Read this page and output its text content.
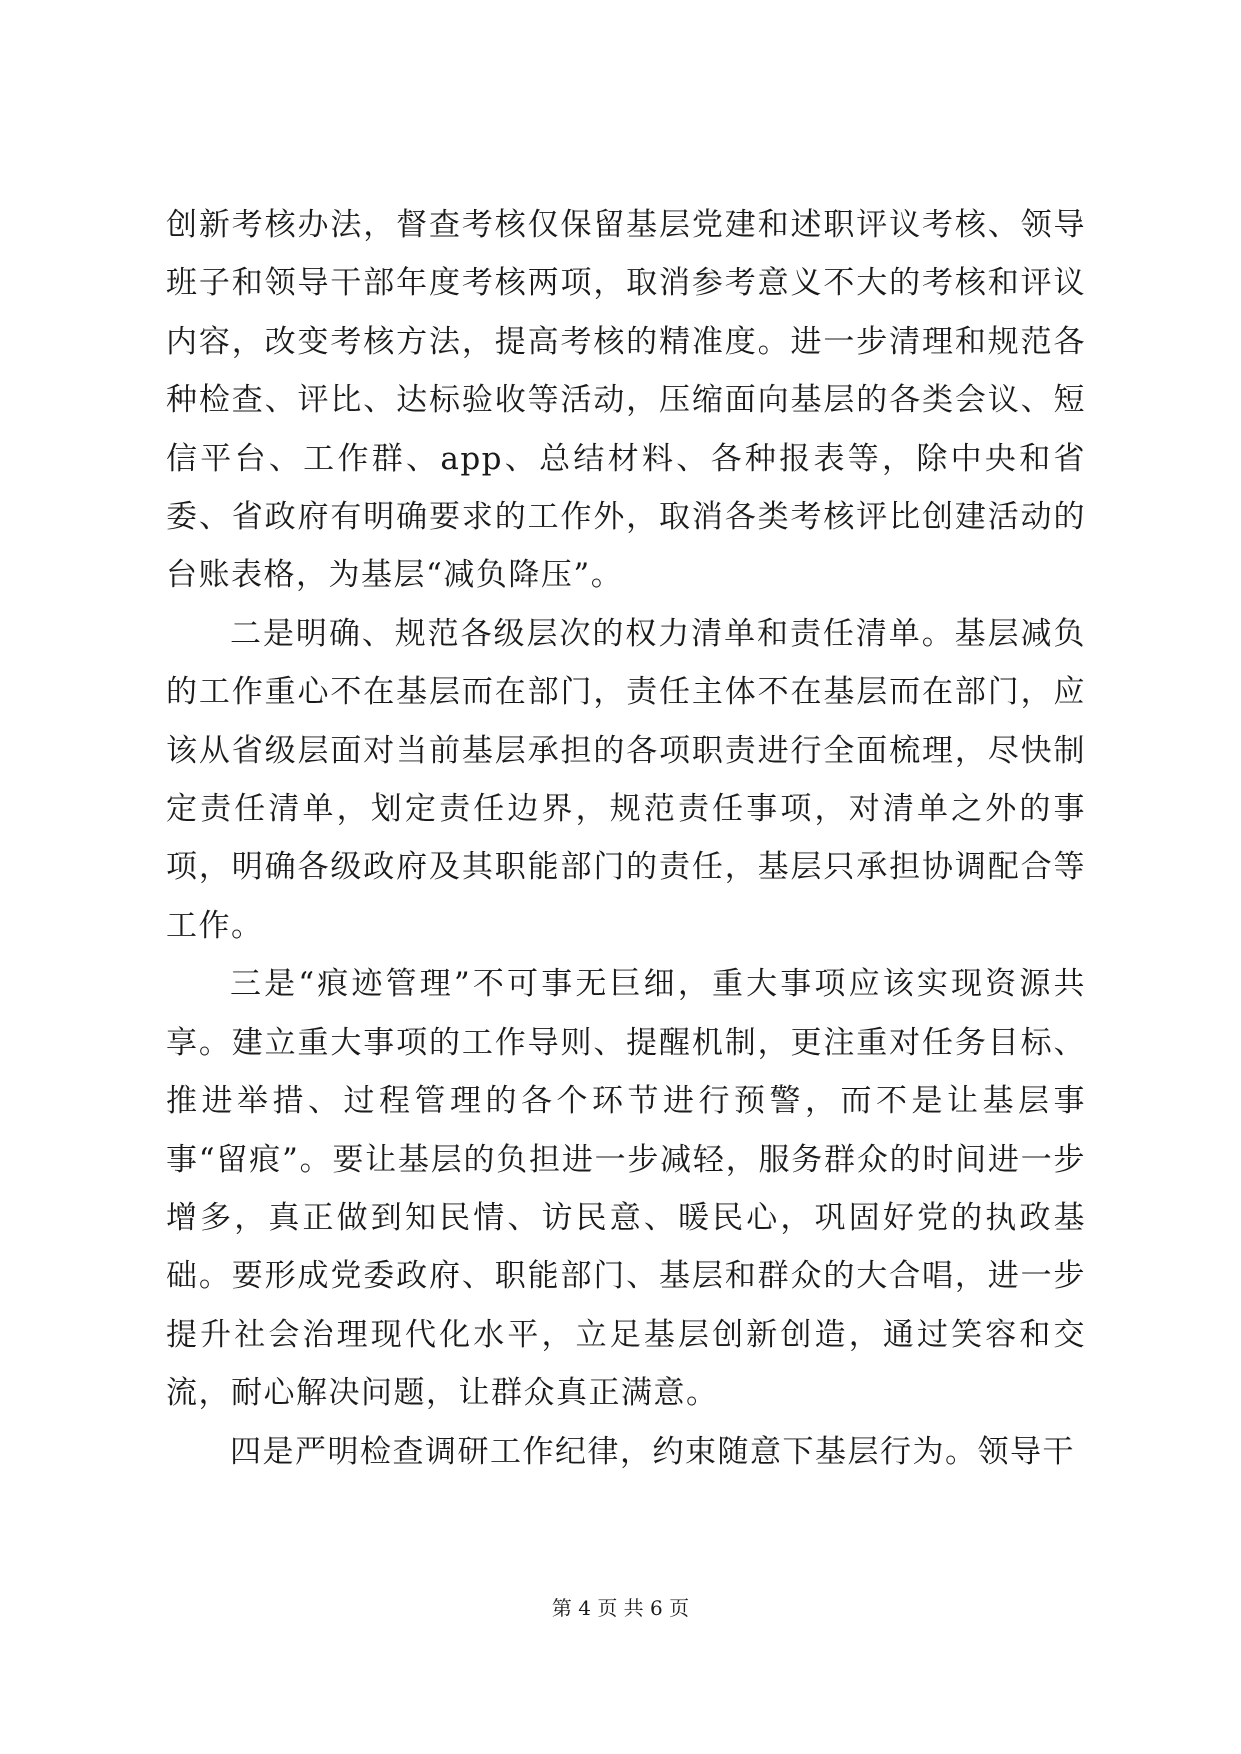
创新考核办法，督查考核仅保留基层党建和述职评议考核、领导班子和领导干部年度考核两项，取消参考意义不大的考核和评议内容，改变考核方法，提高考核的精准度。进一步清理和规范各种检查、评比、达标验收等活动，压缩面向基层的各类会议、短信平台、工作群、app、总结材料、各种报表等，除中央和省委、省政府有明确要求的工作外，取消各类考核评比创建活动的台账表格，为基层“减负降压”。

二是明确、规范各级层次的权力清单和责任清单。基层减负的工作重心不在基层而在部门，责任主体不在基层而在部门，应该从省级层面对当前基层承担的各项职责进行全面梳理，尽快制定责任清单，划定责任边界，规范责任事项，对清单之外的事项，明确各级政府及其职能部门的责任，基层只承担协调配合等工作。

三是“痕迹管理”不可事无巨细，重大事项应该实现资源共享。建立重大事项的工作导则、提醒机制，更注重对任务目标、推进举措、过程管理的各个环节进行预警，而不是让基层事事“留痕”。要让基层的负担进一步减轻，服务群众的时间进一步增多，真正做到知民情、访民意、暖民心，巩固好党的执政基础。要形成党委政府、职能部门、基层和群众的大合唱，进一步提升社会治理现代化水平，立足基层创新创造，通过笑容和交流，耐心解决问题，让群众真正满意。

四是严明检查调研工作纪律，约束随意下基层行为。领导干

第 4 页 共 6 页
